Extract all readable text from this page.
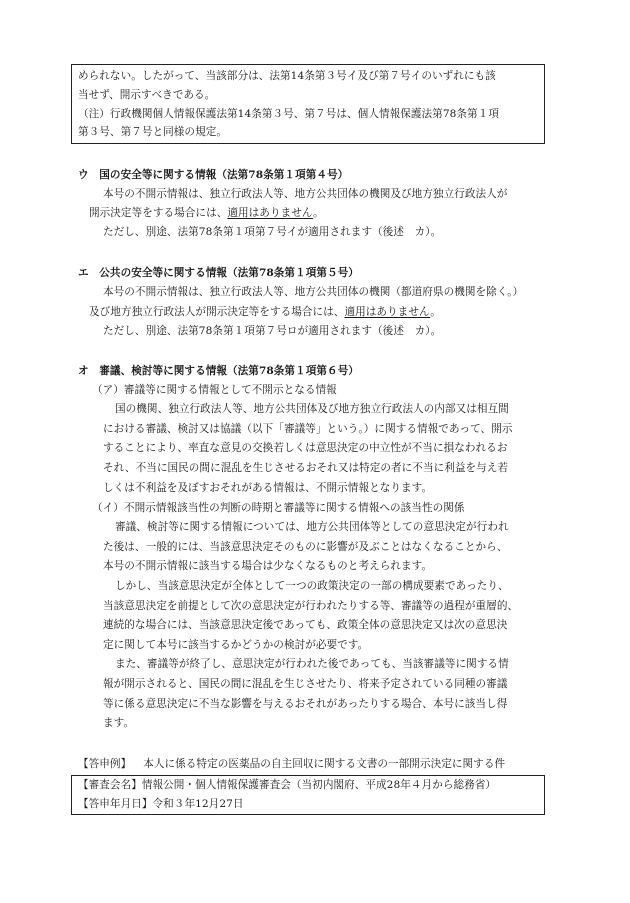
められない。したがって、当該部分は、法第14条第３号イ及び第７号イのいずれにも該
当せず、開示すべきである。
（注）行政機関個人情報保護法第14条第３号、第７号は、個人情報保護法第78条第１項
第３号、第７号と同様の規定。
ウ　国の安全等に関する情報（法第78条第１項第４号）
本号の不開示情報は、独立行政法人等、地方公共団体の機関及び地方独立行政法人が
開示決定等をする場合には、適用はありません。
ただし、別途、法第78条第１項第７号イが適用されます（後述　カ）。
エ　公共の安全等に関する情報（法第78条第１項第５号）
本号の不開示情報は、独立行政法人等、地方公共団体の機関（都道府県の機関を除く。）
及び地方独立行政法人が開示決定等をする場合には、適用はありません。
ただし、別途、法第78条第１項第７号ロが適用されます（後述　カ）。
オ　審議、検討等に関する情報（法第78条第１項第６号）
（ア）審議等に関する情報として不開示となる情報
国の機関、独立行政法人等、地方公共団体及び地方独立行政法人の内部又は相互間
における審議、検討又は協議（以下「審議等」という。）に関する情報であって、開示
することにより、率直な意見の交換若しくは意思決定の中立性が不当に損なわれるお
それ、不当に国民の間に混乱を生じさせるおそれ又は特定の者に不当に利益を与え若
しくは不利益を及ぼすおそれがある情報は、不開示情報となります。
（イ）不開示情報該当性の判断の時期と審議等に関する情報への該当性の関係
審議、検討等に関する情報については、地方公共団体等としての意思決定が行われ
た後は、一般的には、当該意思決定そのものに影響が及ぶことはなくなることから、
本号の不開示情報に該当する場合は少なくなるものと考えられます。
しかし、当該意思決定が全体として一つの政策決定の一部の構成要素であったり、
当該意思決定を前提として次の意思決定が行われたりする等、審議等の過程が重層的、
連続的な場合には、当該意思決定後であっても、政策全体の意思決定又は次の意思決
定に関して本号に該当するかどうかの検討が必要です。
また、審議等が終了し、意思決定が行われた後であっても、当該審議等に関する情
報が開示されると、国民の間に混乱を生じさせたり、将来予定されている同種の審議
等に係る意思決定に不当な影響を与えるおそれがあったりする場合、本号に該当し得
ます。
【答申例】 本人に係る特定の医薬品の自主回収に関する文書の一部開示決定に関する件
【審査会名】情報公開・個人情報保護審査会（当初内閣府、平成28年４月から総務省）
【答申年月日】令和３年12月27日
